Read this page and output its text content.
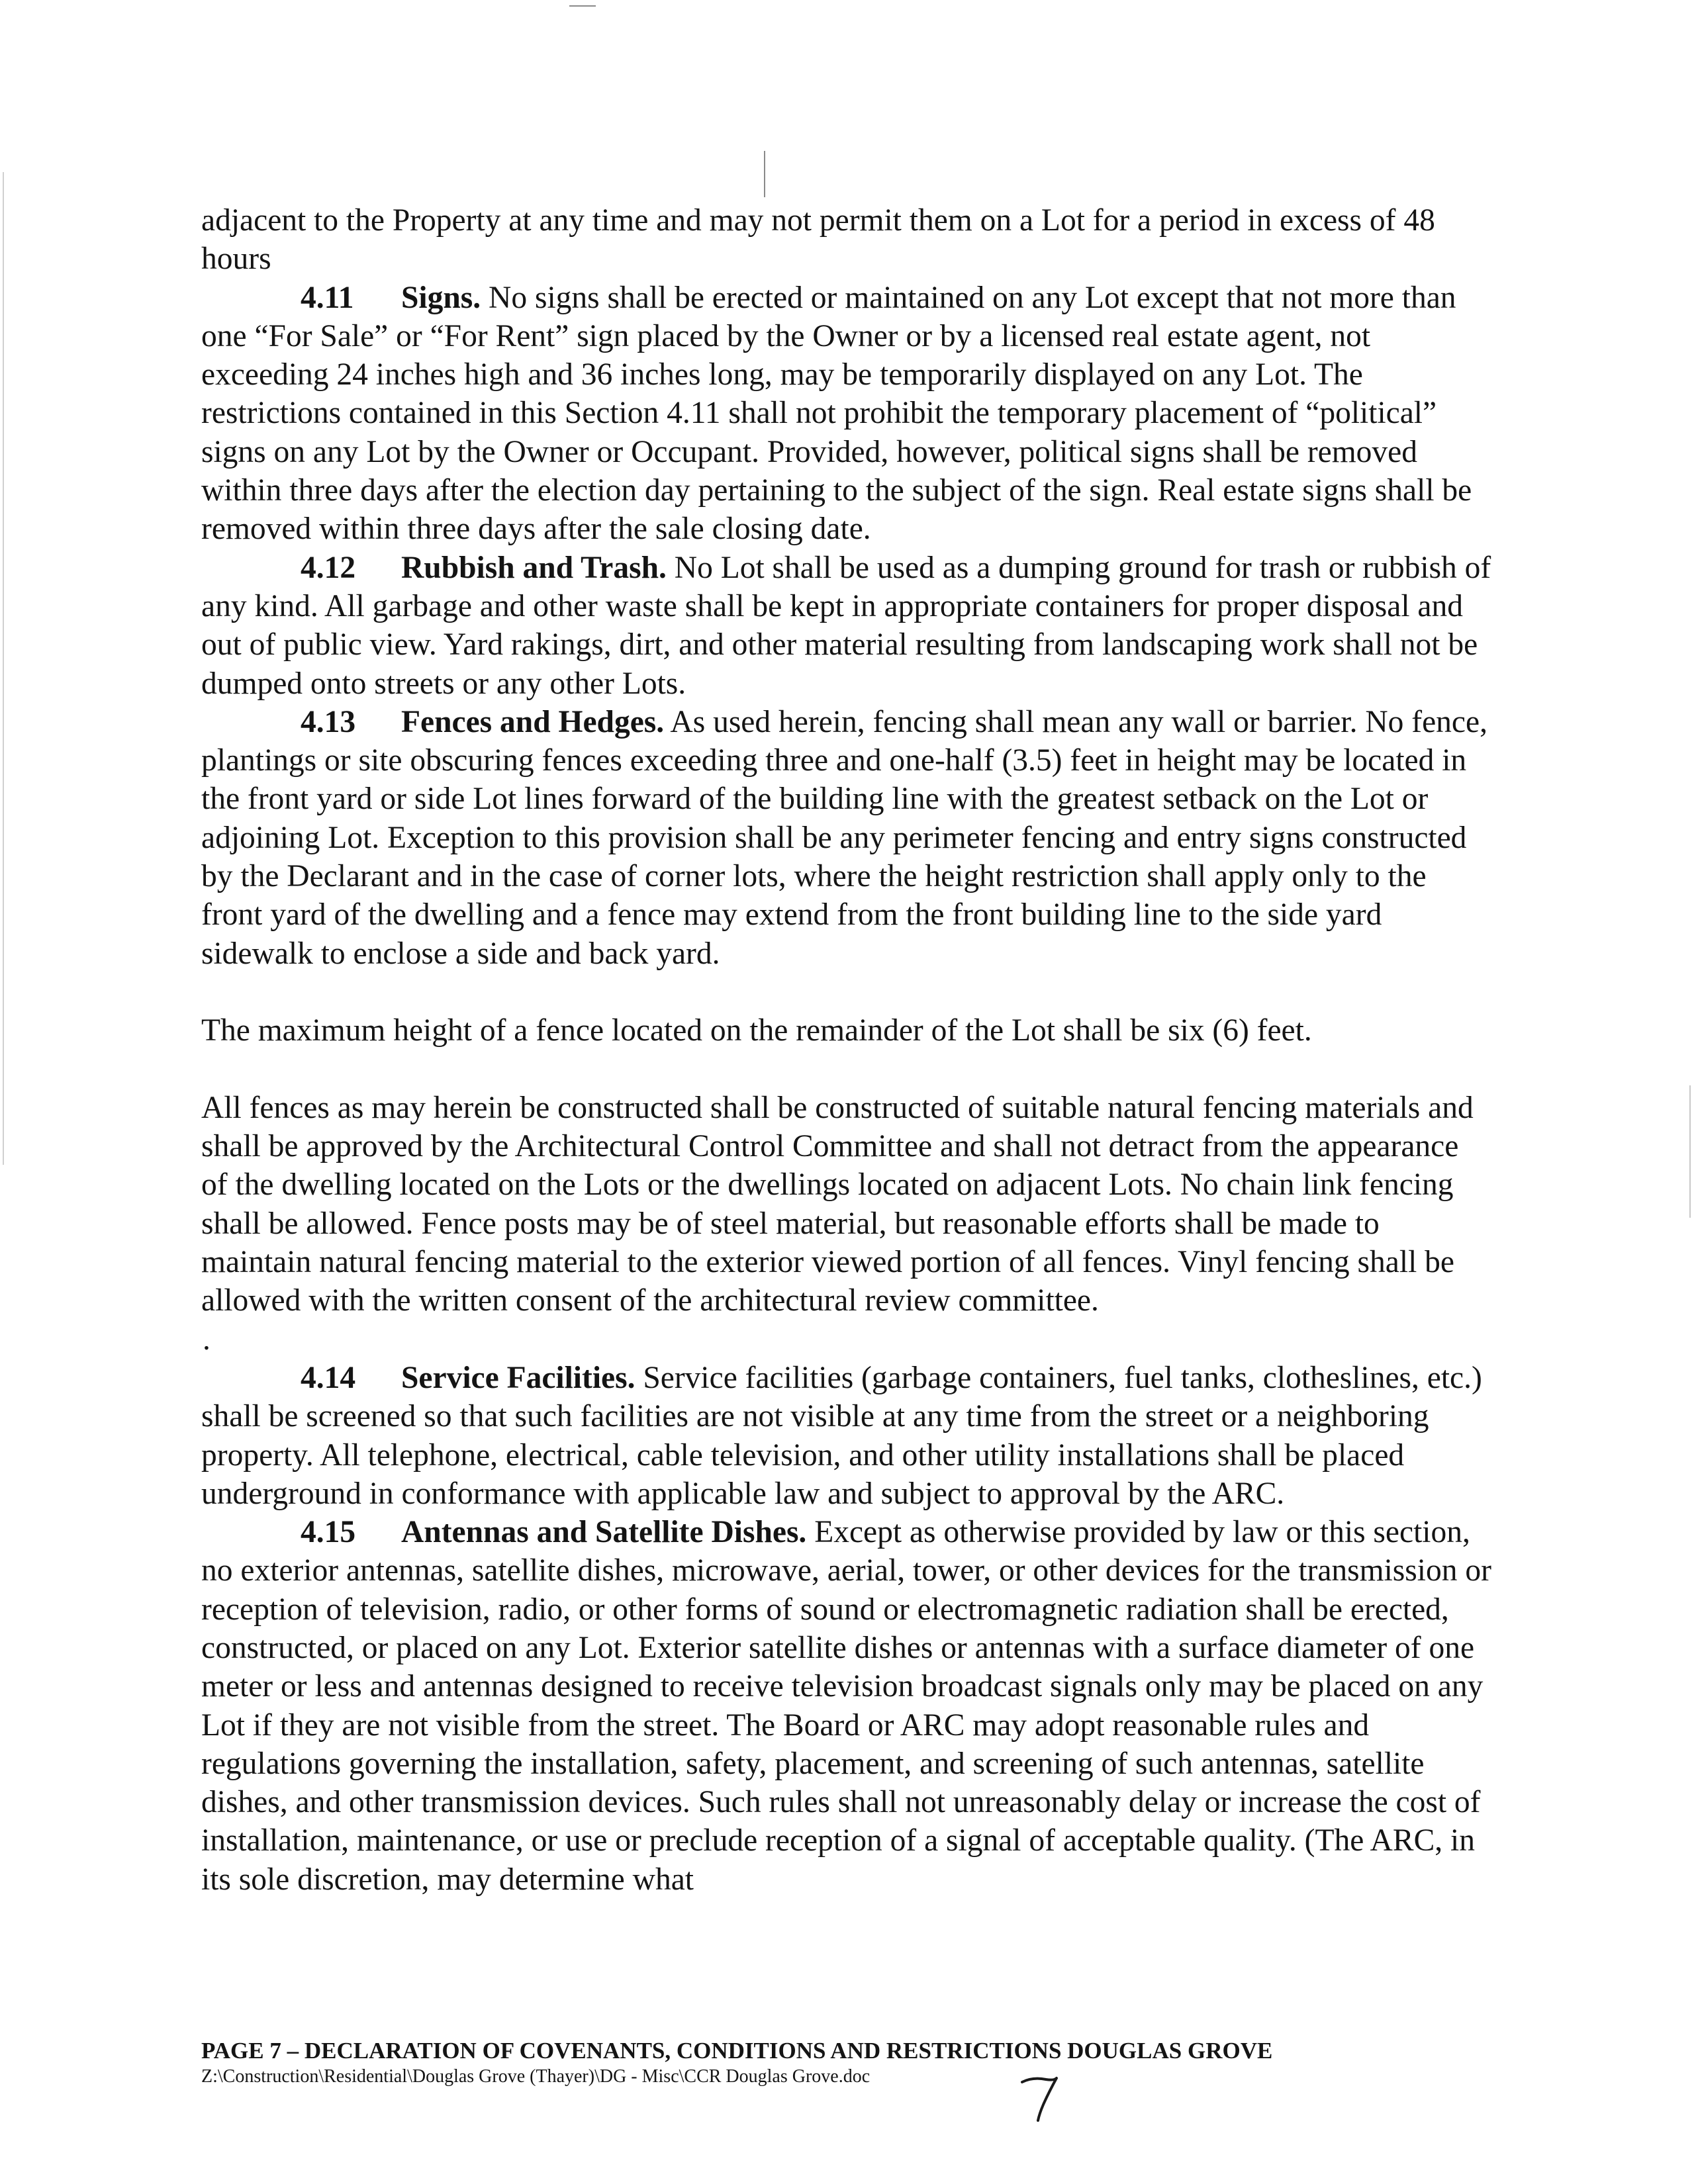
adjacent to the Property at any time and may not permit them on a Lot for a period in excess of 48 hours

4.11 Signs. No signs shall be erected or maintained on any Lot except that not more than one “For Sale” or “For Rent” sign placed by the Owner or by a licensed real estate agent, not exceeding 24 inches high and 36 inches long, may be temporarily displayed on any Lot. The restrictions contained in this Section 4.11 shall not prohibit the temporary placement of “political” signs on any Lot by the Owner or Occupant. Provided, however, political signs shall be removed within three days after the election day pertaining to the subject of the sign. Real estate signs shall be removed within three days after the sale closing date.

4.12 Rubbish and Trash. No Lot shall be used as a dumping ground for trash or rubbish of any kind. All garbage and other waste shall be kept in appropriate containers for proper disposal and out of public view. Yard rakings, dirt, and other material resulting from landscaping work shall not be dumped onto streets or any other Lots.

4.13 Fences and Hedges. As used herein, fencing shall mean any wall or barrier. No fence, plantings or site obscuring fences exceeding three and one-half (3.5) feet in height may be located in the front yard or side Lot lines forward of the building line with the greatest setback on the Lot or adjoining Lot. Exception to this provision shall be any perimeter fencing and entry signs constructed by the Declarant and in the case of corner lots, where the height restriction shall apply only to the front yard of the dwelling and a fence may extend from the front building line to the side yard sidewalk to enclose a side and back yard.

The maximum height of a fence located on the remainder of the Lot shall be six (6) feet.

All fences as may herein be constructed shall be constructed of suitable natural fencing materials and shall be approved by the Architectural Control Committee and shall not detract from the appearance of the dwelling located on the Lots or the dwellings located on adjacent Lots. No chain link fencing shall be allowed. Fence posts may be of steel material, but reasonable efforts shall be made to maintain natural fencing material to the exterior viewed portion of all fences. Vinyl fencing shall be allowed with the written consent of the architectural review committee.

.

4.14 Service Facilities. Service facilities (garbage containers, fuel tanks, clotheslines, etc.) shall be screened so that such facilities are not visible at any time from the street or a neighboring property. All telephone, electrical, cable television, and other utility installations shall be placed underground in conformance with applicable law and subject to approval by the ARC.

4.15 Antennas and Satellite Dishes. Except as otherwise provided by law or this section, no exterior antennas, satellite dishes, microwave, aerial, tower, or other devices for the transmission or reception of television, radio, or other forms of sound or electromagnetic radiation shall be erected, constructed, or placed on any Lot. Exterior satellite dishes or antennas with a surface diameter of one meter or less and antennas designed to receive television broadcast signals only may be placed on any Lot if they are not visible from the street. The Board or ARC may adopt reasonable rules and regulations governing the installation, safety, placement, and screening of such antennas, satellite dishes, and other transmission devices. Such rules shall not unreasonably delay or increase the cost of installation, maintenance, or use or preclude reception of a signal of acceptable quality. (The ARC, in its sole discretion, may determine what

PAGE 7 – DECLARATION OF COVENANTS, CONDITIONS AND RESTRICTIONS DOUGLAS GROVE
Z:\Construction\Residential\Douglas Grove (Thayer)\DG - Misc\CCR Douglas Grove.doc
